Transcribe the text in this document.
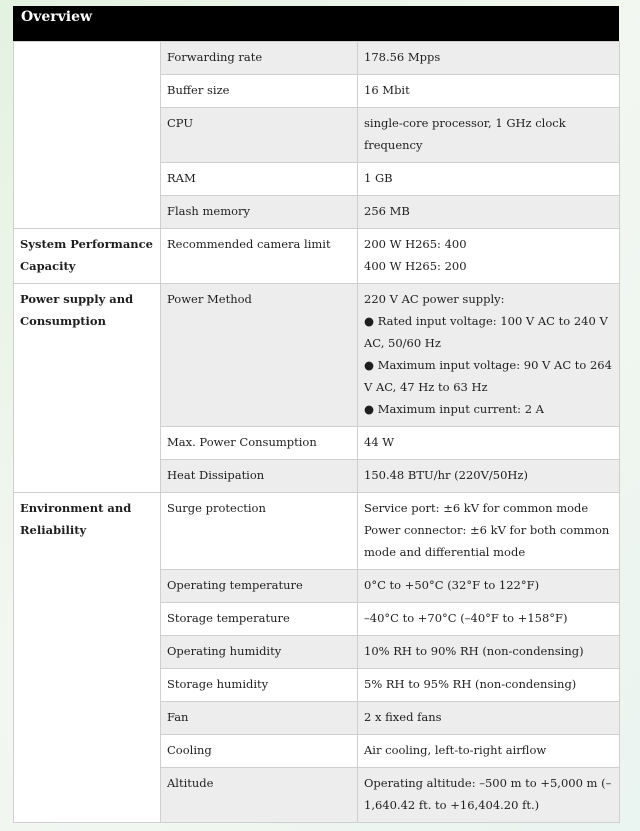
Overview
	Forwarding rate	178.56 Mpps

	Buffer size	16 Mbit

	CPU	single-core processor, 1 GHz clock frequency

	RAM	1 GB

	Flash memory	256 MB

System Performance Capacity	Recommended camera limit	200 W H265: 400
400 W H265: 200

Power supply and Consumption	Power Method	220 V AC power supply:
● Rated input voltage: 100 V AC to 240 V AC, 50/60 Hz
● Maximum input voltage: 90 V AC to 264 V AC, 47 Hz to 63 Hz
● Maximum input current: 2 A

	Max. Power Consumption	44 W

	Heat Dissipation	150.48 BTU/hr (220V/50Hz)

Environment and Reliability	Surge protection	Service port: ±6 kV for common mode
Power connector: ±6 kV for both common mode and differential mode

	Operating temperature	0°C to +50°C (32°F to 122°F)

	Storage temperature	–40°C to +70°C (–40°F to +158°F)

	Operating humidity	10% RH to 90% RH (non-condensing)

	Storage humidity	5% RH to 95% RH (non-condensing)

	Fan	2 x fixed fans

	Cooling	Air cooling, left-to-right airflow

	Altitude	Operating altitude: –500 m to +5,000 m (–1,640.42 ft. to +16,404.20 ft.)
